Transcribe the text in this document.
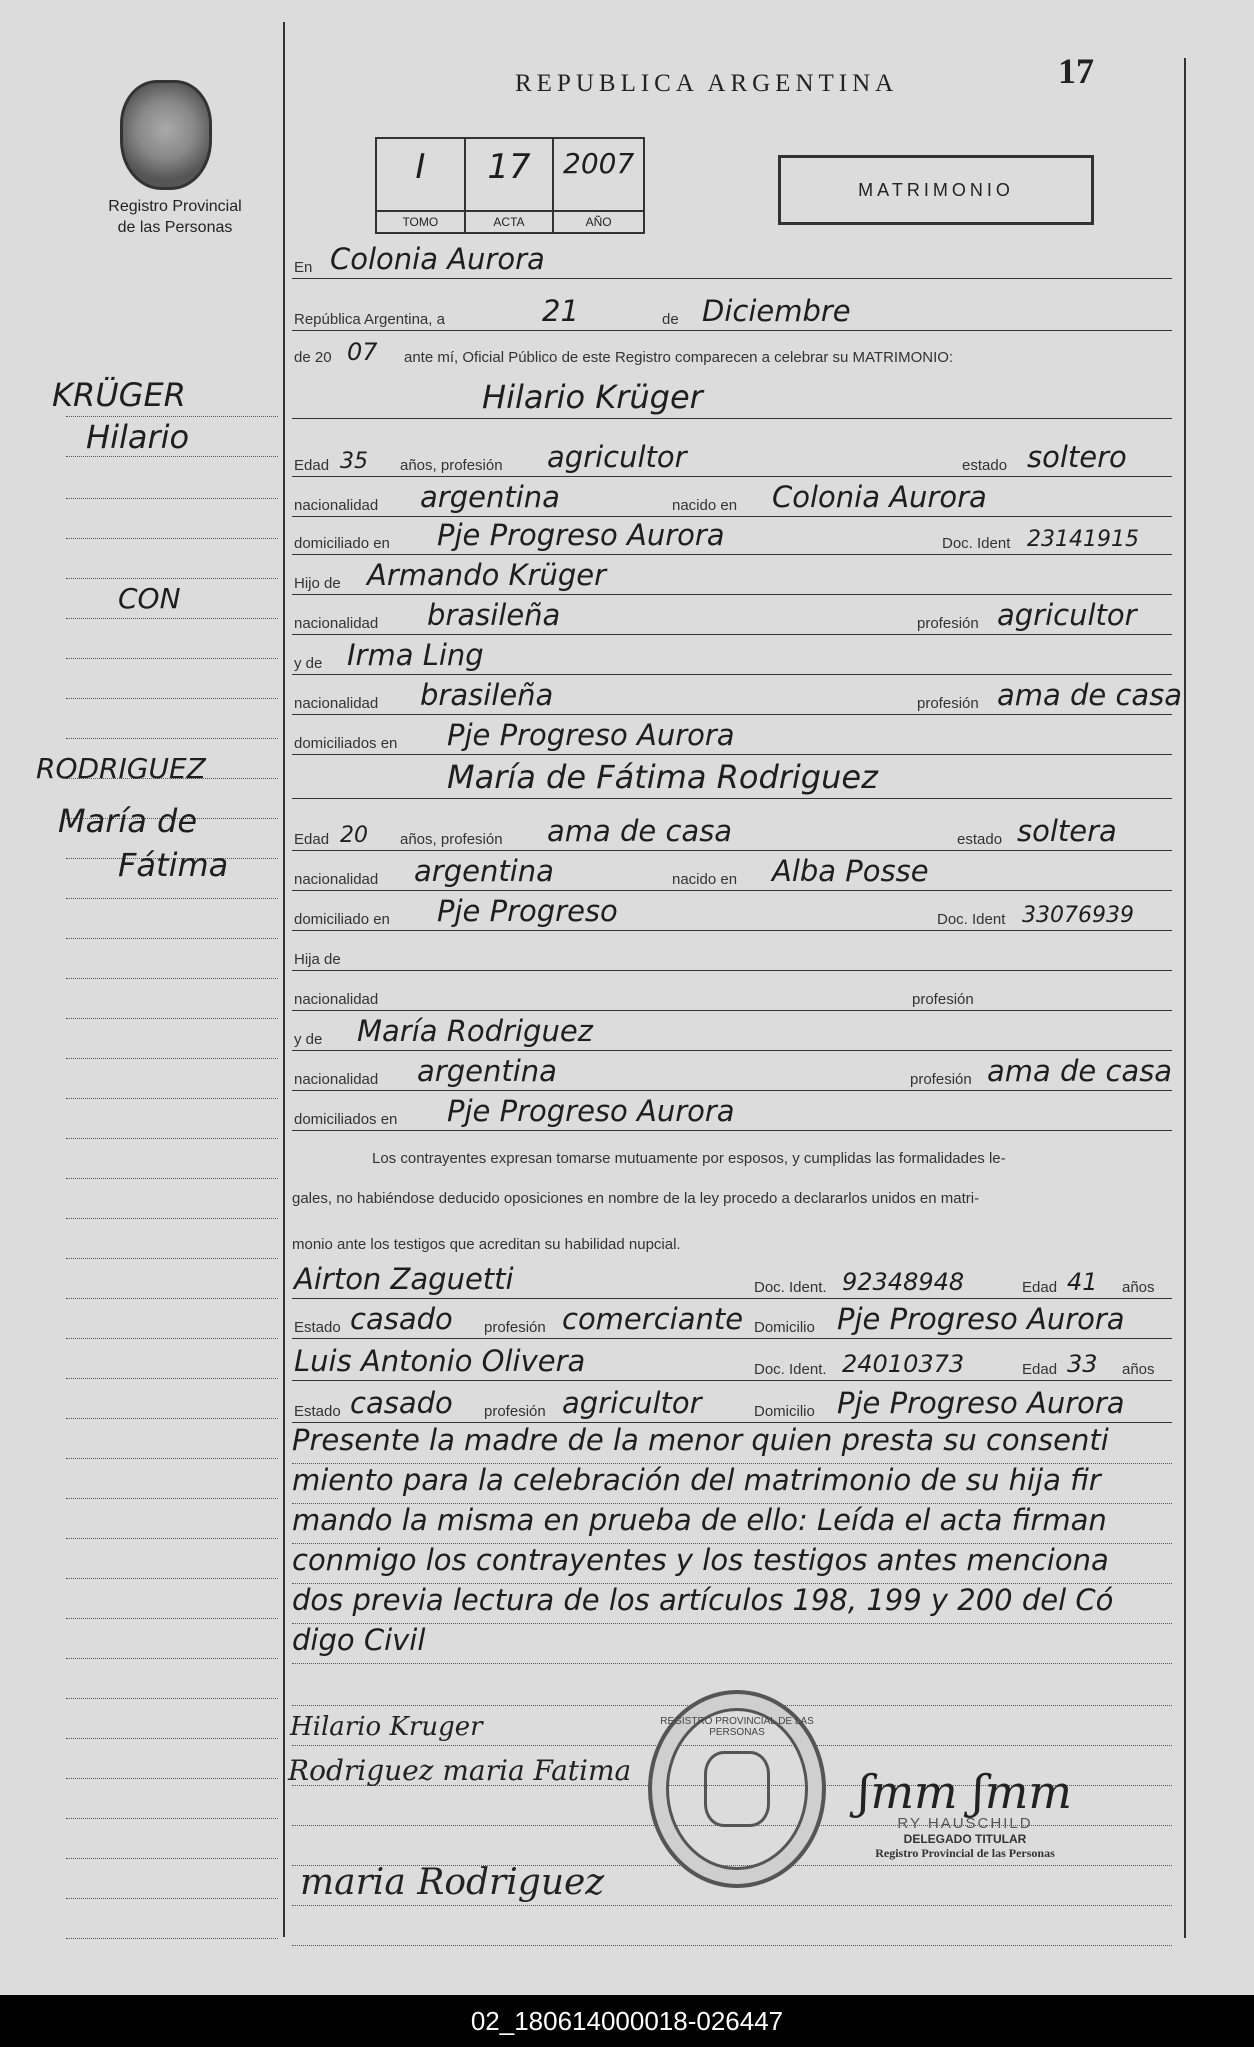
REPUBLICA ARGENTINA	17
Registro Provincial
de las Personas
I
TOMO
17
ACTA
2007
AÑO
MATRIMONIO
En Colonia Aurora
República Argentina, a	21	de Diciembre
de 20 07 ante mí, Oficial Público de este Registro comparecen a celebrar su MATRIMONIO:
Hilario Krüger
Edad 35 años, profesión agricultor	estado soltero
nacionalidad argentina	nacido en Colonia Aurora
domiciliado en Pje Progreso Aurora	Doc. Ident 23141915
Hijo de Armando Krüger
nacionalidad brasileña	profesión agricultor
y de Irma Ling
nacionalidad brasileña	profesión ama de casa
domiciliados en Pje Progreso Aurora
María de Fátima Rodriguez
Edad 20 años, profesión ama de casa	estado soltera
nacionalidad argentina	nacido en Alba Posse
domiciliado en Pje Progreso	Doc. Ident 33076939
Hija de
nacionalidad	profesión
y de María Rodriguez
nacionalidad argentina	profesión ama de casa
domiciliados en Pje Progreso Aurora
Los contrayentes expresan tomarse mutuamente por esposos, y cumplidas las formalidades le-
gales, no habiéndose deducido oposiciones en nombre de la ley procedo a declararlos unidos en matri-
monio ante los testigos que acreditan su habilidad nupcial.
Airton Zaguetti	Doc. Ident. 92348948	Edad 41 años
Estado casado profesión comerciante Domicilio Pje Progreso Aurora
Luis Antonio Olivera	Doc. Ident. 24010373	Edad 33 años
Estado casado profesión agricultor	Domicilio Pje Progreso Aurora
Presente la madre de la menor quien presta su consenti
miento para la celebración del matrimonio de su hija fir
mando la misma en prueba de ello: Leída el acta firman
conmigo los contrayentes y los testigos antes menciona
dos previa lectura de los artículos 198, 199 y 200 del Có
digo Civil
Hilario Kruger
Rodriguez maria Fatima
maria Rodriguez
REGISTRO PROVINCIAL DE LAS PERSONAS
ʃmm ʃmm
RY HAUSCHILD
DELEGADO TITULAR
Registro Provincial de las Personas
KRÜGER
Hilario
CON
RODRIGUEZ
María de
Fátima
02_180614000018-026447
